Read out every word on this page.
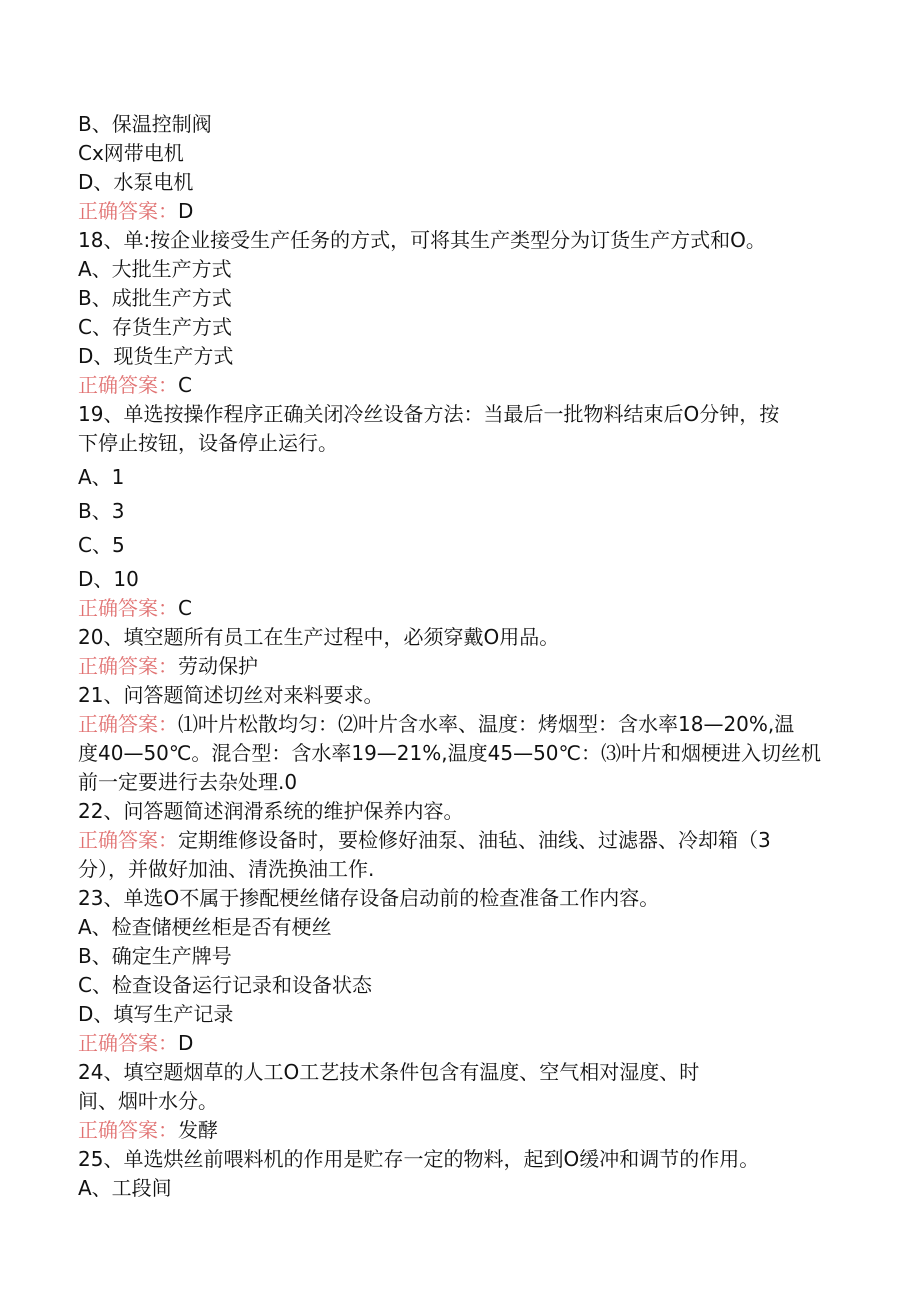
B、保温控制阀
Cx网带电机
D、水泵电机
正确答案：D
18、单:按企业接受生产任务的方式，可将其生产类型分为订货生产方式和O。
A、大批生产方式
B、成批生产方式
C、存货生产方式
D、现货生产方式
正确答案：C
19、单选按操作程序正确关闭冷丝设备方法：当最后一批物料结束后O分钟，按
下停止按钮，设备停止运行。
A、1
B、3
C、5
D、10
正确答案：C
20、填空题所有员工在生产过程中，必须穿戴O用品。
正确答案：劳动保护
21、问答题简述切丝对来料要求。
正确答案：⑴叶片松散均匀：⑵叶片含水率、温度：烤烟型：含水率18—20%,温
度40—50℃。混合型：含水率19—21%,温度45—50℃：⑶叶片和烟梗进入切丝机
前一定要进行去杂处理.0
22、问答题简述润滑系统的维护保养内容。
正确答案：定期维修设备时，要检修好油泵、油毡、油线、过滤器、冷却箱（3
分），并做好加油、清洗换油工作.
23、单选O不属于掺配梗丝储存设备启动前的检查准备工作内容。
A、检查储梗丝柜是否有梗丝
B、确定生产牌号
C、检查设备运行记录和设备状态
D、填写生产记录
正确答案：D
24、填空题烟草的人工O工艺技术条件包含有温度、空气相对湿度、时
间、烟叶水分。
正确答案：发酵
25、单选烘丝前喂料机的作用是贮存一定的物料，起到O缓冲和调节的作用。
A、工段间
